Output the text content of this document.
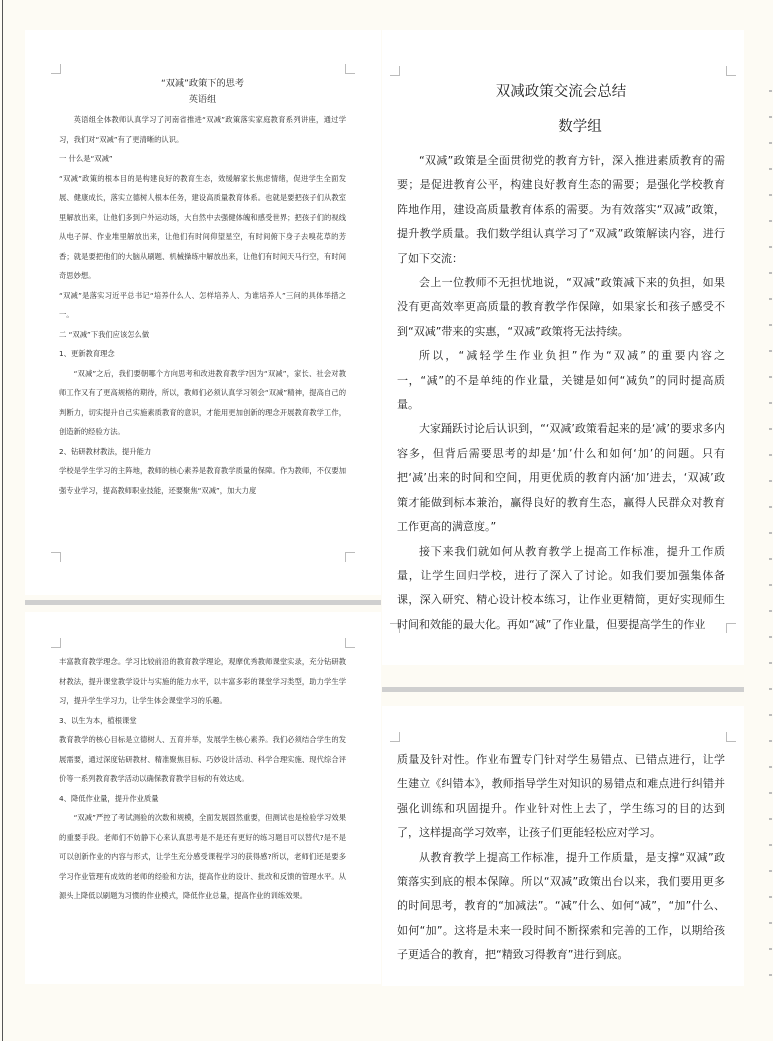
“双减”政策下的思考
英语组

英语组全体教师认真学习了河南省推进“双减”政策落实家庭教育系列讲座，通过学习，我们对“双减”有了更清晰的认识。

一 什么是“双减”

“双减”政策的根本目的是构建良好的教育生态，效缓解家长焦虑情绪，促进学生全面发展、健康成长，落实立德树人根本任务，建设高质量教育体系。也就是要把孩子们从教室里解放出来，让他们多到户外运动场，大自然中去强健体魄和感受世界；把孩子们的视线从电子屏、作业堆里解放出来，让他们有时间仰望星空，有时间俯下身子去嗅花草的芳香；就是要把他们的大脑从刷题、机械操练中解放出来，让他们有时间天马行空，有时间奇思妙想。

“双减”是落实习近平总书记“培养什么人、怎样培养人、为谁培养人”三问的具体举措之一。

二 “双减”下我们应该怎么做

1、更新教育理念

“双减”之后，我们要朝哪个方向思考和改进教育教学?因为“双减”，家长、社会对教师工作又有了更高规格的期待，所以，教师们必须认真学习领会“双减”精神，提高自己的判断力，切实提升自己实施素质教育的意识，才能用更加创新的理念开展教育教学工作，创造新的经验方法。

2、钻研教材教法，提升能力

学校是学生学习的主阵地，教师的核心素养是教育教学质量的保障。作为教师，不仅要加强专业学习，提高教师职业技能，还要聚焦“双减”，加大力度

丰富教育教学理念。学习比较前沿的教育教学理论，观摩优秀教师课堂实录，充分钻研教材教法，提升课堂教学设计与实施的能力水平，以丰富多彩的课堂学习类型，助力学生学习，提升学生学习力，让学生体会课堂学习的乐趣。

3、以生为本，植根课堂

教育教学的核心目标是立德树人、五育并举，发展学生核心素养。我们必须结合学生的发展需要，通过深度钻研教材、精准聚焦目标、巧妙设计活动、科学合理实施、现代综合评价等一系列教育教学活动以确保教育教学目标的有效达成。

4、降低作业量，提升作业质量

“双减”严控了考试测验的次数和规模，全面发展固然重要，但测试也是检验学习效果的重要手段。老师们不妨静下心来认真思考是不是还有更好的练习题目可以替代?是不是可以创新作业的内容与形式，让学生充分感受课程学习的获得感?所以，老师们还是要多学习作业管理有成效的老师的经验和方法，提高作业的设计、批改和反馈的管理水平。从源头上降低以刷题为习惯的作业模式，降低作业总量，提高作业的训练效果。

双减政策交流会总结

数学组

“双减”政策是全面贯彻党的教育方针，深入推进素质教育的需要；是促进教育公平，构建良好教育生态的需要；是强化学校教育阵地作用，建设高质量教育体系的需要。为有效落实“双减”政策，提升教学质量。我们数学组认真学习了“双减”政策解读内容，进行了如下交流：

会上一位教师不无担忧地说，“双减”政策减下来的负担，如果没有更高效率更高质量的教育教学作保障，如果家长和孩子感受不到“双减”带来的实惠，“双减”政策将无法持续。

所以，“减轻学生作业负担”作为“双减”的重要内容之一，“减”的不是单纯的作业量，关键是如何“减负”的同时提高质量。

大家踊跃讨论后认识到，“‘双减’政策看起来的是‘减’的要求多内容多，但背后需要思考的却是‘加’什么和如何‘加’的问题。只有把‘减’出来的时间和空间，用更优质的教育内涵‘加’进去，‘双减’政策才能做到标本兼治，赢得良好的教育生态，赢得人民群众对教育工作更高的满意度。”

接下来我们就如何从教育教学上提高工作标准，提升工作质量，让学生回归学校，进行了深入了讨论。如我们要加强集体备课，深入研究、精心设计校本练习，让作业更精简，更好实现师生时间和效能的最大化。再如“减”了作业量，但要提高学生的作业

质量及针对性。作业布置专门针对学生易错点、已错点进行，让学生建立《纠错本》，教师指导学生对知识的易错点和难点进行纠错并强化训练和巩固提升。作业针对性上去了，学生练习的目的达到了，这样提高学习效率，让孩子们更能轻松应对学习。

从教育教学上提高工作标准，提升工作质量，是支撑“双减”政策落实到底的根本保障。所以“双减”政策出台以来，我们要用更多的时间思考，教育的“加减法”。“减”什么、如何“减”，“加”什么、如何“加”。这将是未来一段时间不断探索和完善的工作，以期给孩子更适合的教育，把“精致习得教育”进行到底。
